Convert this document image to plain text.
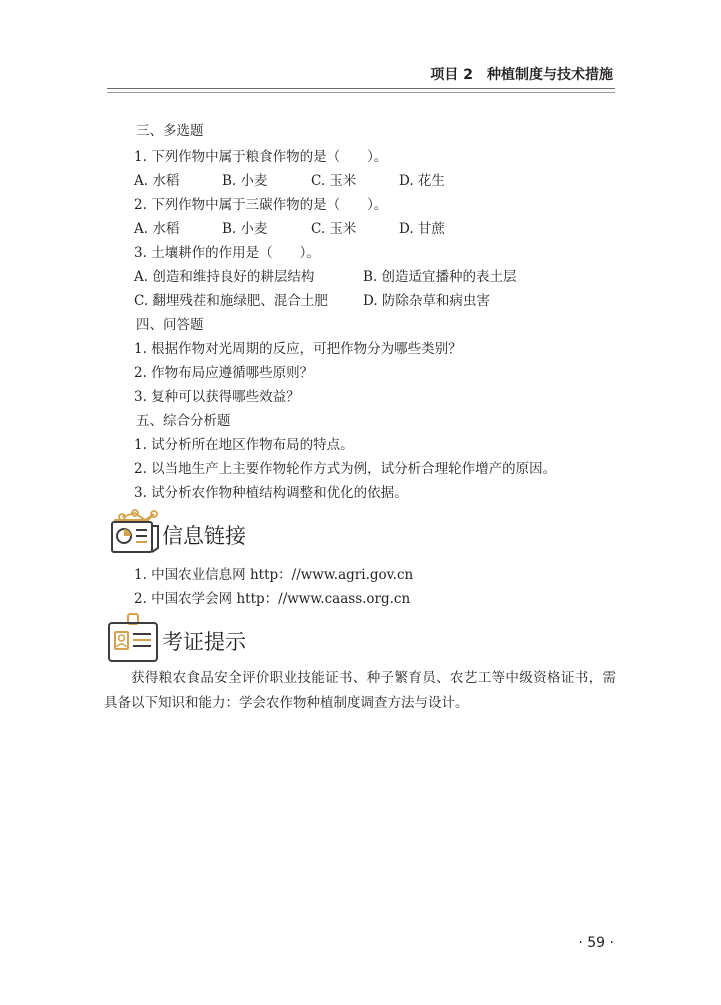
项目 2 种植制度与技术措施
三、多选题
1. 下列作物中属于粮食作物的是（　　）。
A. 水稻	B. 小麦	C. 玉米	D. 花生
2. 下列作物中属于三碳作物的是（　　）。
A. 水稻	B. 小麦	C. 玉米	D. 甘蔗
3. 土壤耕作的作用是（　　）。
A. 创造和维持良好的耕层结构	B. 创造适宜播种的表土层
C. 翻埋残茬和施绿肥、混合土肥	D. 防除杂草和病虫害
四、问答题
1. 根据作物对光周期的反应，可把作物分为哪些类别？
2. 作物布局应遵循哪些原则？
3. 复种可以获得哪些效益？
五、综合分析题
1. 试分析所在地区作物布局的特点。
2. 以当地生产上主要作物轮作方式为例，试分析合理轮作增产的原因。
3. 试分析农作物种植结构调整和优化的依据。
信息链接
1. 中国农业信息网 http：//www.agri.gov.cn
2. 中国农学会网 http：//www.caass.org.cn
考证提示
获得粮农食品安全评价职业技能证书、种子繁育员、农艺工等中级资格证书，需具备以下知识和能力：学会农作物种植制度调查方法与设计。
· 59 ·
